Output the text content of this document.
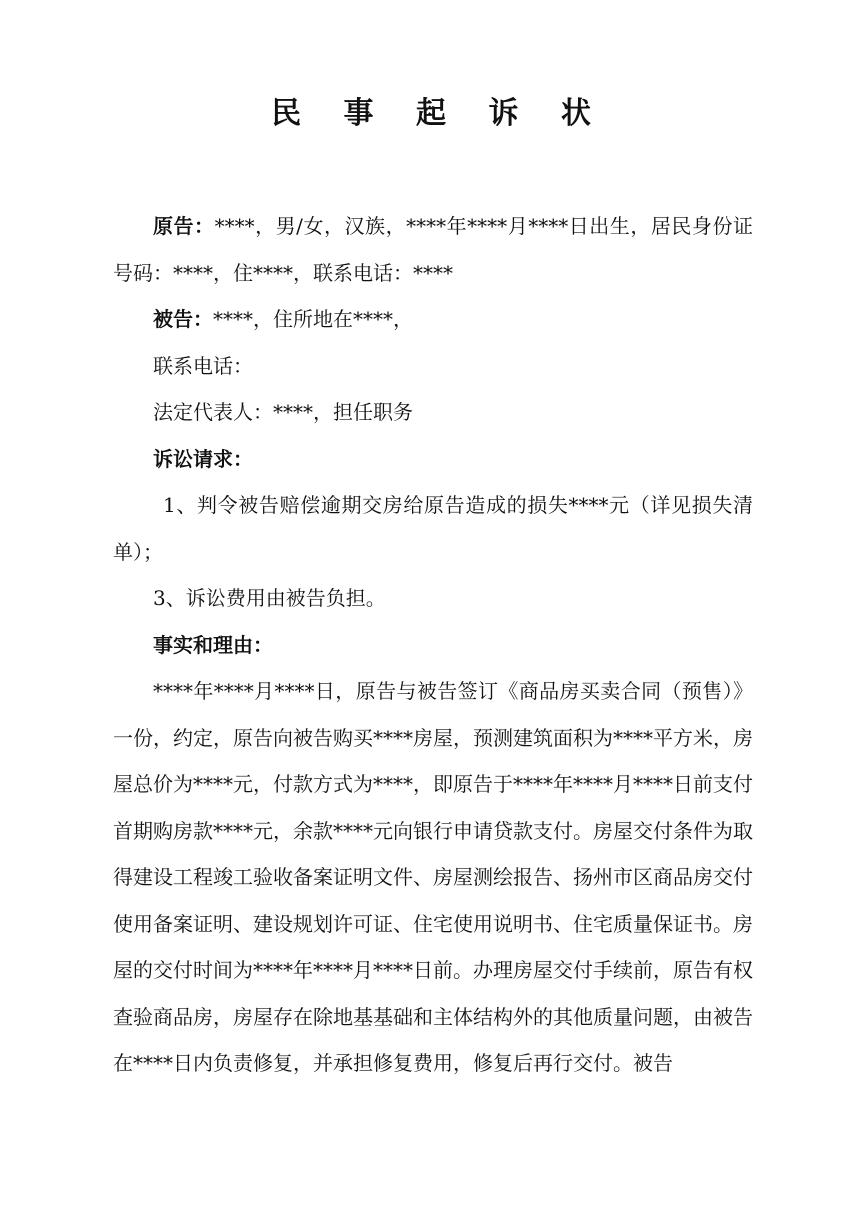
民 事 起 诉 状

原告：****，男/女，汉族，****年****月****日出生，居民身份证号码：****，住****，联系电话：****

被告：****，住所地在****，

联系电话：

法定代表人：****，担任职务

诉讼请求：

1、判令被告赔偿逾期交房给原告造成的损失****元（详见损失清单）；

3、诉讼费用由被告负担。

事实和理由：

****年****月****日，原告与被告签订《商品房买卖合同（预售）》一份，约定，原告向被告购买****房屋，预测建筑面积为****平方米，房屋总价为****元，付款方式为****，即原告于****年****月****日前支付首期购房款****元，余款****元向银行申请贷款支付。房屋交付条件为取得建设工程竣工验收备案证明文件、房屋测绘报告、扬州市区商品房交付使用备案证明、建设规划许可证、住宅使用说明书、住宅质量保证书。房屋的交付时间为****年****月****日前。办理房屋交付手续前，原告有权查验商品房，房屋存在除地基基础和主体结构外的其他质量问题，由被告在****日内负责修复，并承担修复费用，修复后再行交付。被告
